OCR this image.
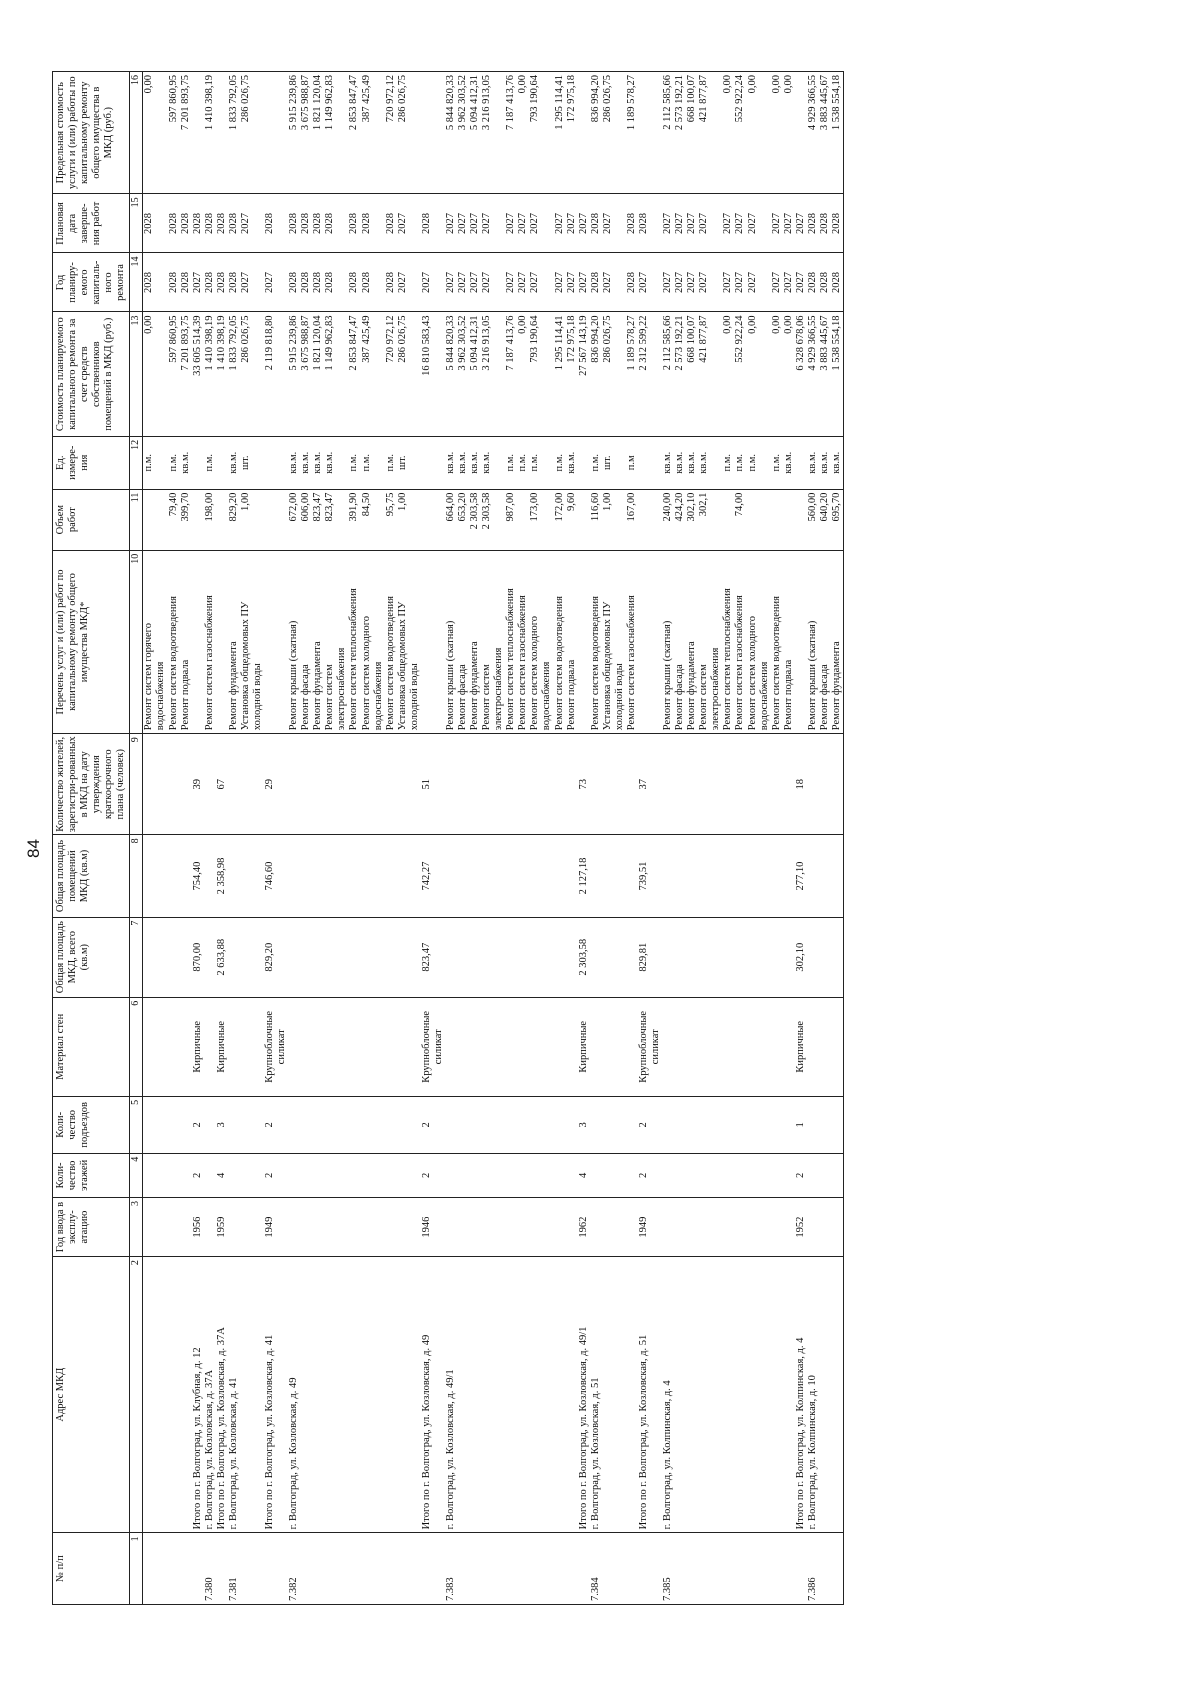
84
№ п/п	Адрес МКД	Год ввода в эксплу-атацию	Коли-чество этажей	Коли-чество подъездов	Материал стен	Общая площадь МКД, всего (кв.м)	Общая площадь помещений МКД (кв.м)	Количество жителей, зарегистри-рованных в МКД на дату утверждения краткосрочного плана (человек)	Перечень услуг и (или) работ по капитальному ремонту общего имущества МКД*	Объем работ	Ед. измере-ния	Стоимость планируемого капитального ремонта за счет средств собственников помещений в МКД (руб.)	Год планиру-емого капиталь-ного ремонта	Плановая дата заверше-ния работ	Предельная стоимость услуги и (или) работы по капитальному ремонту общего имущества в МКД (руб.)
1	2	3	4	5	6	7	8	9	10	11	12	13	14	15	16
									Ремонт систем горячего		п.м.	0,00	2028	2028	0,00
									водоснабжения						
									Ремонт систем водоотведения	79,40	п.м.	597 860,95	2028	2028	597 860,95
									Ремонт подвала	399,70	кв.м.	7 201 893,75	2028	2028	7 201 893,75
	Итого по г. Волгоград, ул. Клубная, д. 12	1956	2	2	Кирпичные	870,00	754,40	39				33 605 514,39	2027	2028	
7.380	г. Волгоград, ул. Козловская, д. 37А								Ремонт систем газоснабжения	198,00	п.м.	1 410 398,19	2028	2028	1 410 398,19
	Итого по г. Волгоград, ул. Козловская, д. 37А	1959	4	3	Кирпичные	2 633,88	2 358,98	67				1 410 398,19	2028	2028	
7.381	г. Волгоград, ул. Козловская, д. 41								Ремонт фундамента	829,20	кв.м.	1 833 792,05	2028	2028	1 833 792,05
									Установка общедомовых ПУ	1,00	шт.	286 026,75	2027	2027	286 026,75
									холодной воды						
	Итого по г. Волгоград, ул. Козловская, д. 41	1949	2	2	Крупноблочные	829,20	746,60	29				2 119 818,80	2027	2028	
					силикат										
7.382	г. Волгоград, ул. Козловская, д. 49								Ремонт крыши (скатная)	672,00	кв.м.	5 915 239,86	2028	2028	5 915 239,86
									Ремонт фасада	606,00	кв.м.	3 675 988,87	2028	2028	3 675 988,87
									Ремонт фундамента	823,47	кв.м.	1 821 120,04	2028	2028	1 821 120,04
									Ремонт систем	823,47	кв.м.	1 149 962,83	2028	2028	1 149 962,83
									электроснабжения						
									Ремонт систем теплоснабжения	391,90	п.м.	2 853 847,47	2028	2028	2 853 847,47
									Ремонт систем холодного	84,50	п.м.	387 425,49	2028	2028	387 425,49
									водоснабжения						
									Ремонт систем водоотведения	95,75	п.м.	720 972,12	2028	2028	720 972,12
									Установка общедомовых ПУ	1,00	шт.	286 026,75	2027	2027	286 026,75
									холодной воды						
	Итого по г. Волгоград, ул. Козловская, д. 49	1946	2	2	Крупноблочные	823,47	742,27	51				16 810 583,43	2027	2028	
					силикат										
7.383	г. Волгоград, ул. Козловская, д. 49/1								Ремонт крыши (скатная)	664,00	кв.м.	5 844 820,33	2027	2027	5 844 820,33
									Ремонт фасада	653,20	кв.м.	3 962 303,52	2027	2027	3 962 303,52
									Ремонт фундамента	2 303,58	кв.м.	5 094 412,31	2027	2027	5 094 412,31
									Ремонт систем	2 303,58	кв.м.	3 216 913,05	2027	2027	3 216 913,05
									электроснабжения						
									Ремонт систем теплоснабжения	987,00	п.м.	7 187 413,76	2027	2027	7 187 413,76
									Ремонт систем газоснабжения		п.м.	0,00	2027	2027	0,00
									Ремонт систем холодного	173,00	п.м.	793 190,64	2027	2027	793 190,64
									водоснабжения						
									Ремонт систем водоотведения	172,00	п.м.	1 295 114,41	2027	2027	1 295 114,41
									Ремонт подвала	9,60	кв.м.	172 975,18	2027	2027	172 975,18
	Итого по г. Волгоград, ул. Козловская, д. 49/1	1962	4	3	Кирпичные	2 303,58	2 127,18	73				27 567 143,19	2027	2027	
7.384	г. Волгоград, ул. Козловская, д. 51								Ремонт систем водоотведения	116,60	п.м.	836 994,20	2028	2028	836 994,20
									Установка общедомовых ПУ	1,00	шт.	286 026,75	2027	2027	286 026,75
									холодной воды						
									Ремонт систем газоснабжения	167,00	п.м	1 189 578,27	2028	2028	1 189 578,27
	Итого по г. Волгоград, ул. Козловская, д. 51	1949	2	2	Крупноблочные	829,81	739,51	37				2 312 599,22	2027	2028	
					силикат										
7.385	г. Волгоград, ул. Колпинская, д. 4								Ремонт крыши (скатная)	240,00	кв.м.	2 112 585,66	2027	2027	2 112 585,66
									Ремонт фасада	424,20	кв.м.	2 573 192,21	2027	2027	2 573 192,21
									Ремонт фундамента	302,10	кв.м.	668 100,07	2027	2027	668 100,07
									Ремонт систем	302,1	кв.м.	421 877,87	2027	2027	421 877,87
									электроснабжения						
									Ремонт систем теплоснабжения		п.м.	0,00	2027	2027	0,00
									Ремонт систем газоснабжения	74,00	п.м.	552 922,24	2027	2027	552 922,24
									Ремонт систем холодного		п.м.	0,00	2027	2027	0,00
									водоснабжения						
									Ремонт систем водоотведения		п.м.	0,00	2027	2027	0,00
									Ремонт подвала		кв.м.	0,00	2027	2027	0,00
	Итого по г. Волгоград, ул. Колпинская, д. 4	1952	2	1	Кирпичные	302,10	277,10	18				6 328 678,06	2027	2027	
7.386	г. Волгоград, ул. Колпинская, д. 10								Ремонт крыши (скатная)	560,00	кв.м.	4 929 366,55	2028	2028	4 929 366,55
									Ремонт фасада	640,20	кв.м.	3 883 445,67	2028	2028	3 883 445,67
									Ремонт фундамента	695,70	кв.м.	1 538 554,18	2028	2028	1 538 554,18
